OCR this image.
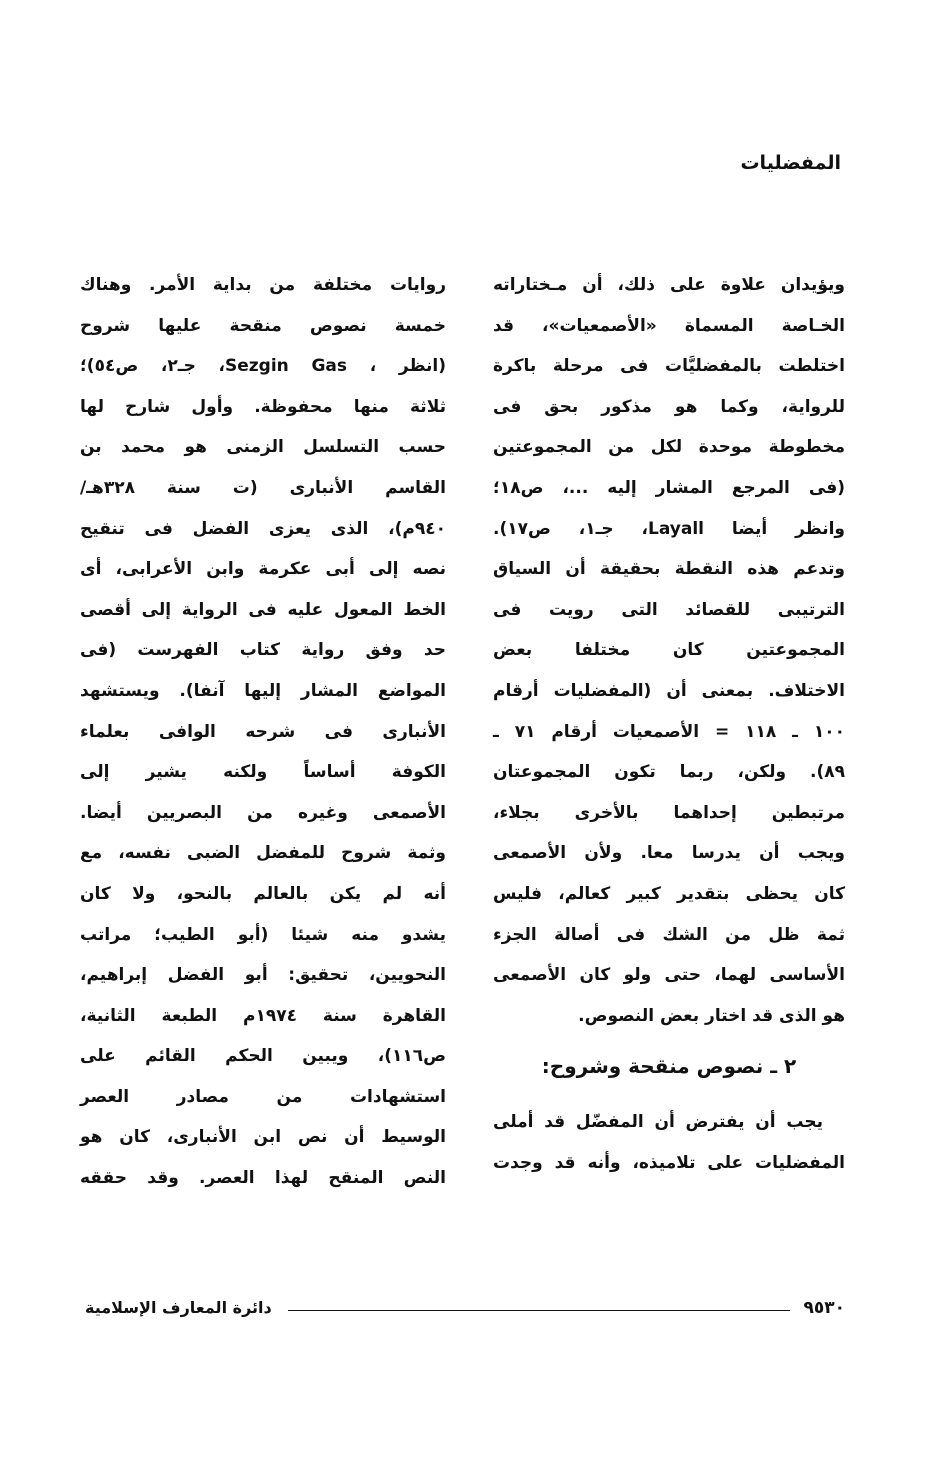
المفضليات
ويؤيدان علاوة على ذلك، أن مـختاراته
الخـاصة المسماة «الأصمعيات»، قد
اختلطت بالمفضليَّات فى مرحلة باكرة
للرواية، وكما هو مذكور بحق فى
مخطوطة موحدة لكل من المجموعتين
(فى المرجع المشار إليه ...، ص١٨؛
وانظر أيضا Layall، جـ١، ص١٧).
وتدعم هذه النقطة بحقيقة أن السياق
الترتيبى للقصائد التى رويت فى
المجموعتين كان مختلفا بعض
الاختلاف. بمعنى أن (المفضليات أرقام
١٠٠ ـ ١١٨ = الأصمعيات أرقام ٧١ ـ
٨٩). ولكن، ربما تكون المجموعتان
مرتبطين إحداهما بالأخرى بجلاء،
ويجب أن يدرسا معا. ولأن الأصمعى
كان يحظى بتقدير كبير كعالم، فليس
ثمة ظل من الشك فى أصالة الجزء
الأساسى لهما، حتى ولو كان الأصمعى
هو الذى قد اختار بعض النصوص.
٢ ـ نصوص منقحة وشروح:
يجب أن يفترض أن المفضّل قد أملى
المفضليات على تلاميذه، وأنه قد وجدت
روايات مختلفة من بداية الأمر. وهناك
خمسة نصوص منقحة عليها شروح
(انظر ، Sezgin Gas، جـ٢، ص٥٤)؛
ثلاثة منها محفوظة. وأول شارح لها
حسب التسلسل الزمنى هو محمد بن
القاسم الأنبارى (ت سنة ٣٢٨هـ/
٩٤٠م)، الذى يعزى الفضل فى تنقيح
نصه إلى أبى عكرمة وابن الأعرابى، أى
الخط المعول عليه فى الرواية إلى أقصى
حد وفق رواية كتاب الفهرست (فى
المواضع المشار إليها آنفا). ويستشهد
الأنبارى فى شرحه الوافى بعلماء
الكوفة أساساً ولكنه يشير إلى
الأصمعى وغيره من البصريين أيضا.
وثمة شروح للمفضل الضبى نفسه، مع
أنه لم يكن بالعالم بالنحو، ولا كان
يشدو منه شيئا (أبو الطيب؛ مراتب
النحويين، تحقيق: أبو الفضل إبراهيم،
القاهرة سنة ١٩٧٤م الطبعة الثانية،
ص١١٦)، ويبين الحكم القائم على
استشهادات من مصادر العصر
الوسيط أن نص ابن الأنبارى، كان هو
النص المنقح لهذا العصر. وقد حققه
٩٥٣٠
دائرة المعارف الإسلامية
